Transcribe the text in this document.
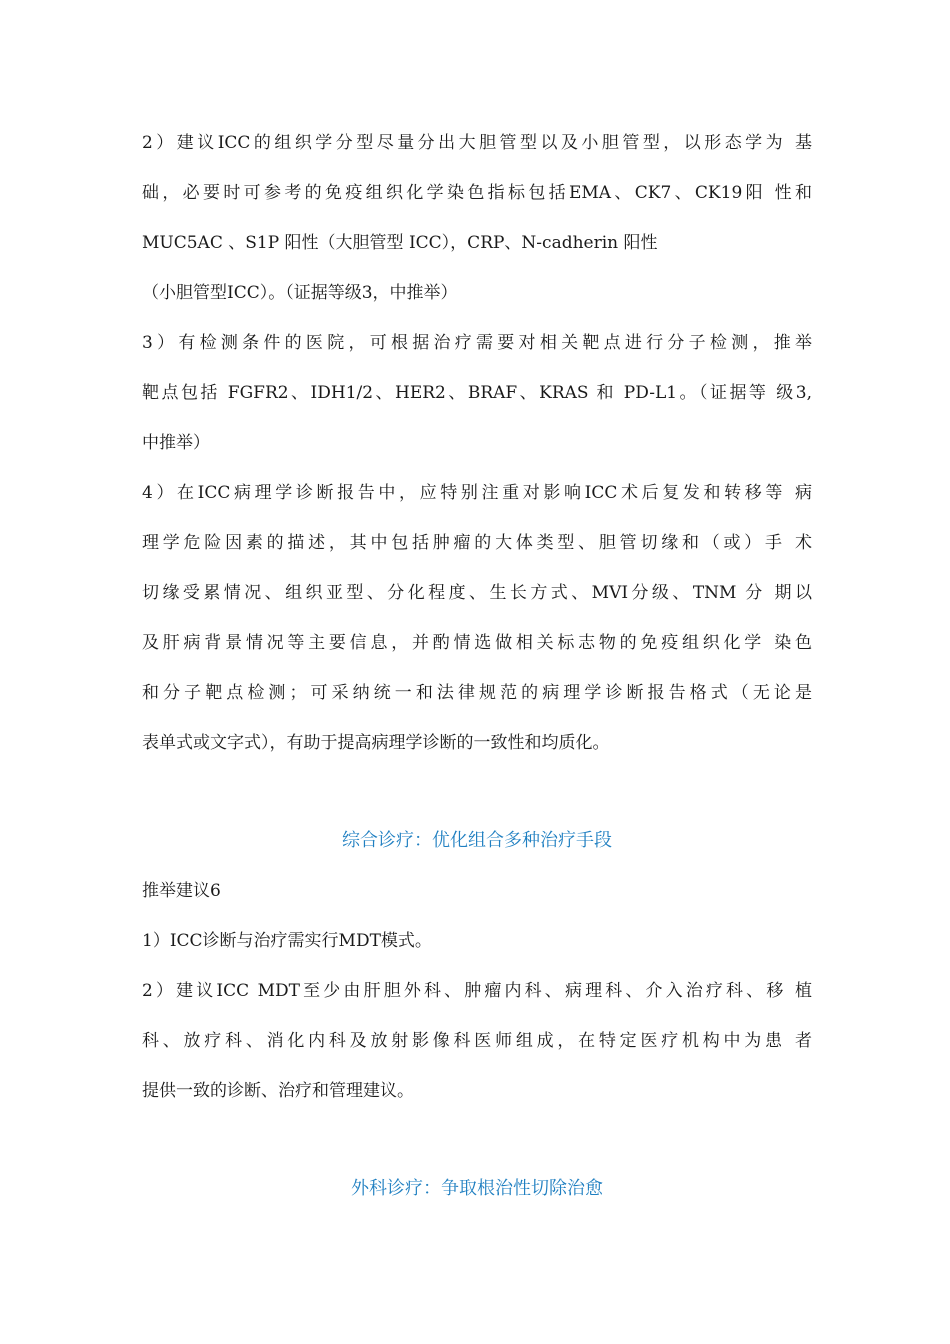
2）建议ICC的组织学分型尽量分出大胆管型以及小胆管型，以形态学为 基
础，必要时可参考的免疫组织化学染色指标包括EMA、CK7、CK19阳 性和
MUC5AC 、S1P 阳性（大胆管型 ICC），CRP、N-cadherin 阳性
（小胆管型ICC）。（证据等级3，中推举）
3）有检测条件的医院，可根据治疗需要对相关靶点进行分子检测，推举
靶点包括 FGFR2、IDH1/2、HER2、BRAF、KRAS 和 PD-L1。（证据等 级3,
中推举）
4）在ICC病理学诊断报告中，应特别注重对影响ICC术后复发和转移等 病
理学危险因素的描述，其中包括肿瘤的大体类型、胆管切缘和（或）手 术
切缘受累情况、组织亚型、分化程度、生长方式、MVI分级、TNM 分 期以
及肝病背景情况等主要信息，并酌情选做相关标志物的免疫组织化学 染色
和分子靶点检测；可采纳统一和法律规范的病理学诊断报告格式（无论是
表单式或文字式），有助于提高病理学诊断的一致性和均质化。
综合诊疗：优化组合多种治疗手段
推举建议6
1）ICC诊断与治疗需实行MDT模式。
2）建议ICC MDT至少由肝胆外科、肿瘤内科、病理科、介入治疗科、移 植
科、放疗科、消化内科及放射影像科医师组成，在特定医疗机构中为患 者
提供一致的诊断、治疗和管理建议。
外科诊疗：争取根治性切除治愈
